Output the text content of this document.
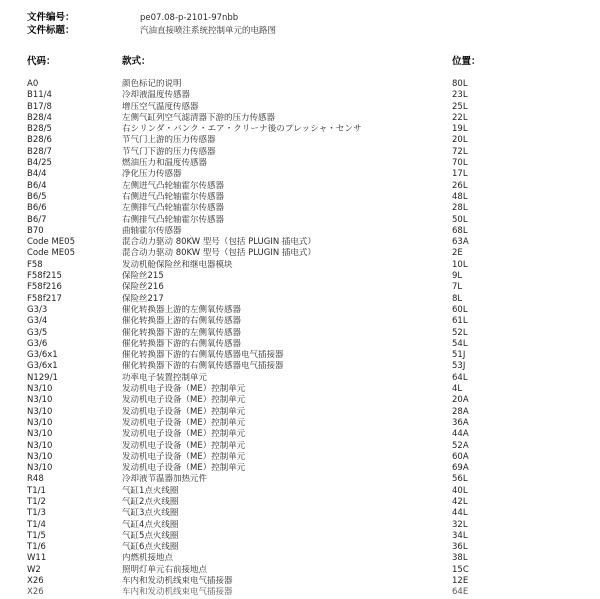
文件编号：	pe07.08-p-2101-97nbb
文件标题：	汽油直接喷注系统控制单元的电路图
代码：	款式：	位置：
A0	颜色标记的说明	80L
B11/4	冷却液温度传感器	23L
B17/8	增压空气温度传感器	25L
B28/4	左侧气缸列空气滤清器下游的压力传感器	22L
B28/5	右シリンダ・バンク・エア・クリーナ後のプレッシャ・センサ	19L
B28/6	节气门上游的压力传感器	20L
B28/7	节气门下游的压力传感器	72L
B4/25	燃油压力和温度传感器	70L
B4/4	净化压力传感器	17L
B6/4	左侧进气凸轮轴霍尔传感器	26L
B6/5	右侧进气凸轮轴霍尔传感器	48L
B6/6	左侧排气凸轮轴霍尔传感器	28L
B6/7	右侧排气凸轮轴霍尔传感器	50L
B70	曲轴霍尔传感器	68L
Code ME05	混合动力驱动 80KW 型号（包括 PLUGIN 插电式）	63A
Code ME05	混合动力驱动 80KW 型号（包括 PLUGIN 插电式）	2E
F58	发动机舱保险丝和继电器模块	10L
F58f215	保险丝215	9L
F58f216	保险丝216	7L
F58f217	保险丝217	8L
G3/3	催化转换器上游的左侧氧传感器	60L
G3/4	催化转换器上游的右侧氧传感器	61L
G3/5	催化转换器下游的左侧氧传感器	52L
G3/6	催化转换器下游的右侧氧传感器	54L
G3/6x1	催化转换器下游的右侧氧传感器电气插接器	51J
G3/6x1	催化转换器下游的右侧氧传感器电气插接器	53J
N129/1	功率电子装置控制单元	64L
N3/10	发动机电子设备（ME）控制单元	4L
N3/10	发动机电子设备（ME）控制单元	20A
N3/10	发动机电子设备（ME）控制单元	28A
N3/10	发动机电子设备（ME）控制单元	36A
N3/10	发动机电子设备（ME）控制单元	44A
N3/10	发动机电子设备（ME）控制单元	52A
N3/10	发动机电子设备（ME）控制单元	60A
N3/10	发动机电子设备（ME）控制单元	69A
R48	冷却液节温器加热元件	56L
T1/1	气缸1点火线圈	40L
T1/2	气缸2点火线圈	42L
T1/3	气缸3点火线圈	44L
T1/4	气缸4点火线圈	32L
T1/5	气缸5点火线圈	34L
T1/6	气缸6点火线圈	36L
W11	内燃机接地点	38L
W2	照明灯单元右前接地点	15C
X26	车内和发动机线束电气插接器	12E
X26	车内和发动机线束电气插接器	64E
